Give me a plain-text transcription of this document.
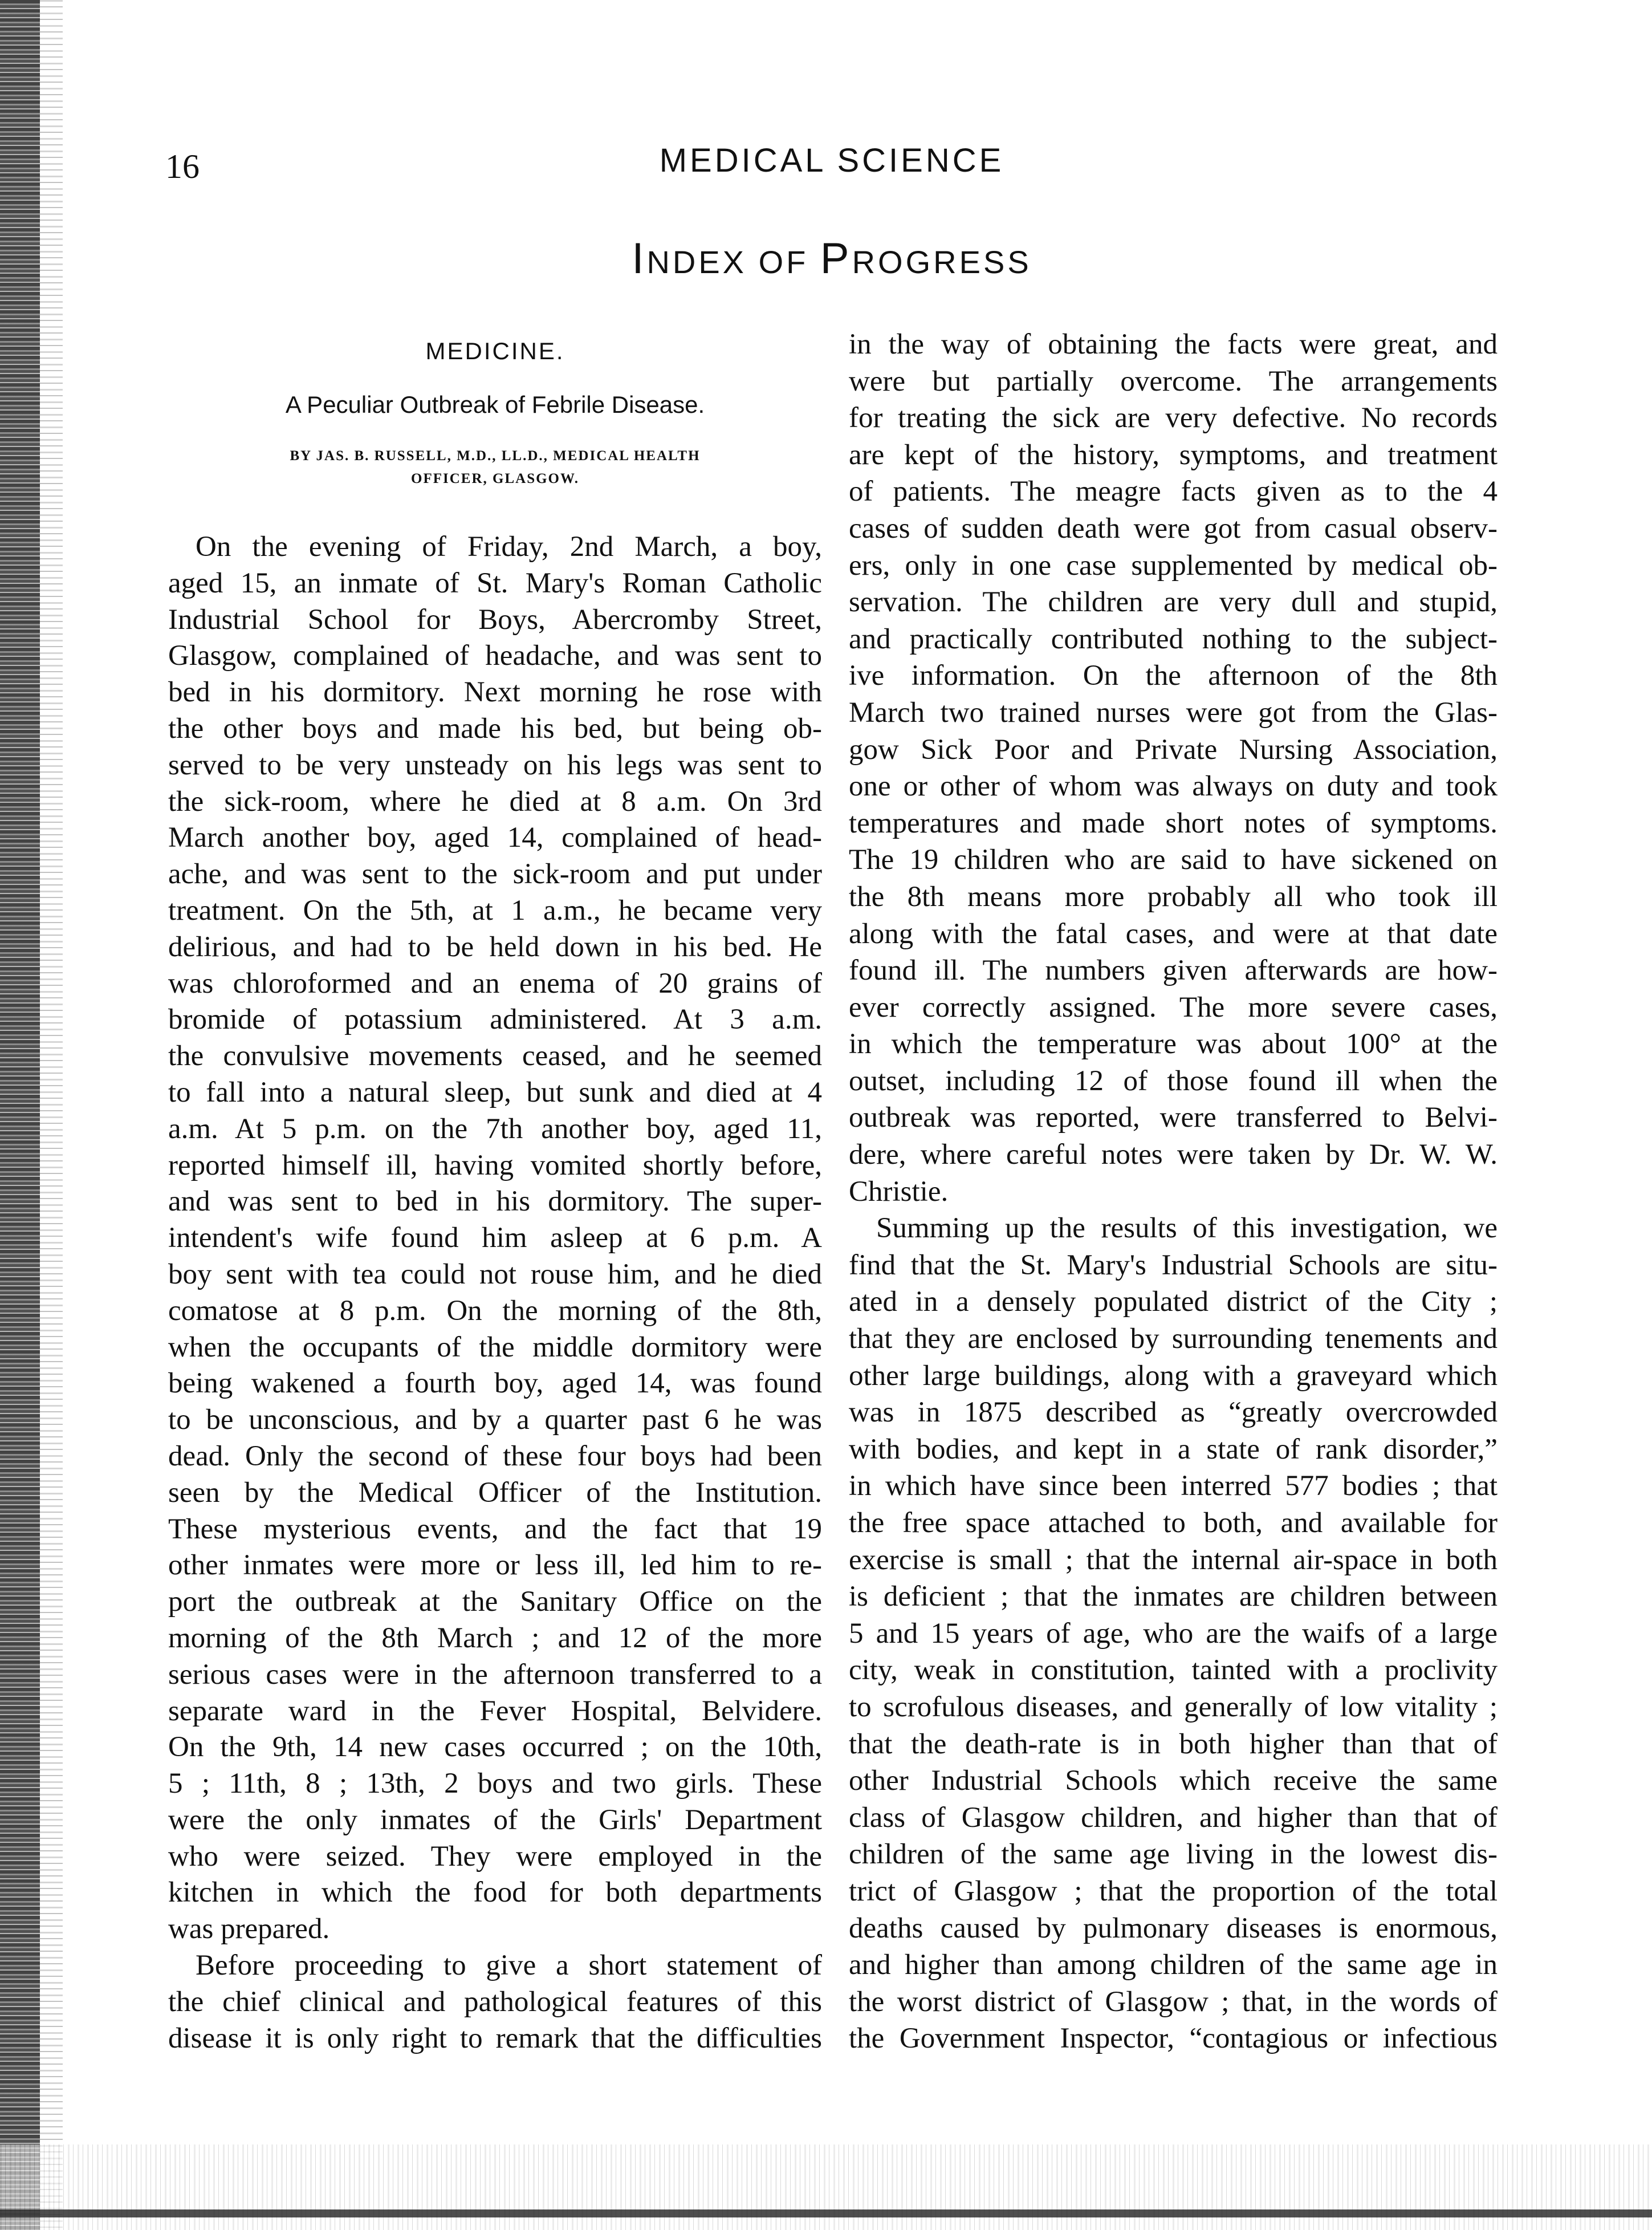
16	MEDICAL SCIENCE
INDEX OF PROGRESS
MEDICINE.
A Peculiar Outbreak of Febrile Disease.
BY JAS. B. RUSSELL, M.D., LL.D., MEDICAL HEALTH
OFFICER, GLASGOW.
On the evening of Friday, 2nd March, a boy,
aged 15, an inmate of St. Mary's Roman Catholic
Industrial School for Boys, Abercromby Street,
Glasgow, complained of headache, and was sent to
bed in his dormitory. Next morning he rose with
the other boys and made his bed, but being ob-
served to be very unsteady on his legs was sent to
the sick-room, where he died at 8 a.m. On 3rd
March another boy, aged 14, complained of head-
ache, and was sent to the sick-room and put under
treatment. On the 5th, at 1 a.m., he became very
delirious, and had to be held down in his bed. He
was chloroformed and an enema of 20 grains of
bromide of potassium administered. At 3 a.m.
the convulsive movements ceased, and he seemed
to fall into a natural sleep, but sunk and died at 4
a.m. At 5 p.m. on the 7th another boy, aged 11,
reported himself ill, having vomited shortly before,
and was sent to bed in his dormitory. The super-
intendent's wife found him asleep at 6 p.m. A
boy sent with tea could not rouse him, and he died
comatose at 8 p.m. On the morning of the 8th,
when the occupants of the middle dormitory were
being wakened a fourth boy, aged 14, was found
to be unconscious, and by a quarter past 6 he was
dead. Only the second of these four boys had been
seen by the Medical Officer of the Institution.
These mysterious events, and the fact that 19
other inmates were more or less ill, led him to re-
port the outbreak at the Sanitary Office on the
morning of the 8th March ; and 12 of the more
serious cases were in the afternoon transferred to a
separate ward in the Fever Hospital, Belvidere.
On the 9th, 14 new cases occurred ; on the 10th,
5 ; 11th, 8 ; 13th, 2 boys and two girls. These
were the only inmates of the Girls' Department
who were seized. They were employed in the
kitchen in which the food for both departments
was prepared.
Before proceeding to give a short statement of
the chief clinical and pathological features of this
disease it is only right to remark that the difficulties
in the way of obtaining the facts were great, and
were but partially overcome. The arrangements
for treating the sick are very defective. No records
are kept of the history, symptoms, and treatment
of patients. The meagre facts given as to the 4
cases of sudden death were got from casual observ-
ers, only in one case supplemented by medical ob-
servation. The children are very dull and stupid,
and practically contributed nothing to the subject-
ive information. On the afternoon of the 8th
March two trained nurses were got from the Glas-
gow Sick Poor and Private Nursing Association,
one or other of whom was always on duty and took
temperatures and made short notes of symptoms.
The 19 children who are said to have sickened on
the 8th means more probably all who took ill
along with the fatal cases, and were at that date
found ill. The numbers given afterwards are how-
ever correctly assigned. The more severe cases,
in which the temperature was about 100° at the
outset, including 12 of those found ill when the
outbreak was reported, were transferred to Belvi-
dere, where careful notes were taken by Dr. W. W.
Christie.
Summing up the results of this investigation, we
find that the St. Mary's Industrial Schools are situ-
ated in a densely populated district of the City ;
that they are enclosed by surrounding tenements and
other large buildings, along with a graveyard which
was in 1875 described as “greatly overcrowded
with bodies, and kept in a state of rank disorder,”
in which have since been interred 577 bodies ; that
the free space attached to both, and available for
exercise is small ; that the internal air-space in both
is deficient ; that the inmates are children between
5 and 15 years of age, who are the waifs of a large
city, weak in constitution, tainted with a proclivity
to scrofulous diseases, and generally of low vitality ;
that the death-rate is in both higher than that of
other Industrial Schools which receive the same
class of Glasgow children, and higher than that of
children of the same age living in the lowest dis-
trict of Glasgow ; that the proportion of the total
deaths caused by pulmonary diseases is enormous,
and higher than among children of the same age in
the worst district of Glasgow ; that, in the words of
the Government Inspector, “contagious or infectious
